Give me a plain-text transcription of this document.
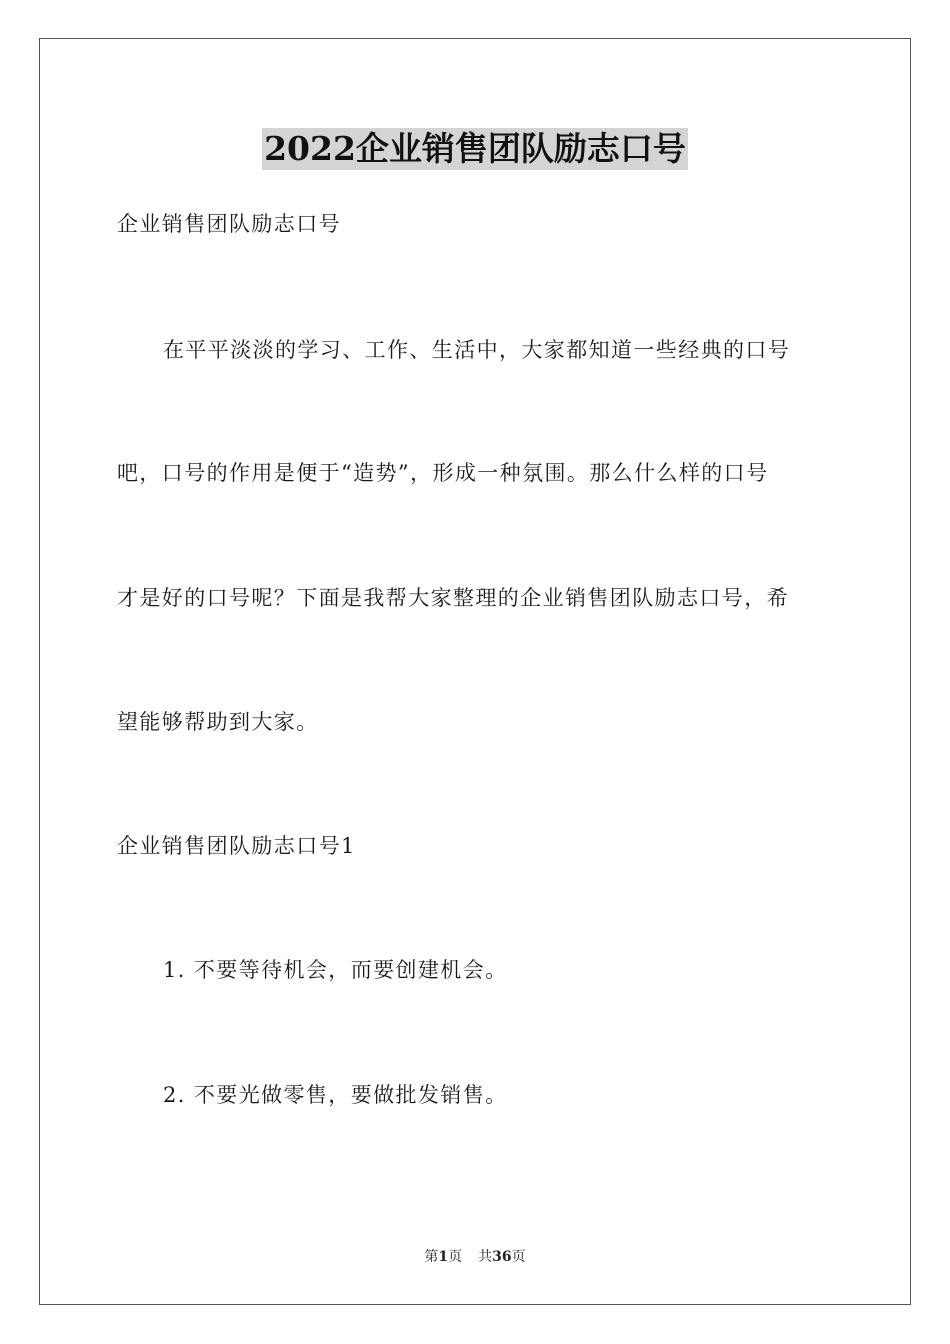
2022企业销售团队励志口号

企业销售团队励志口号

在平平淡淡的学习、工作、生活中，大家都知道一些经典的口号

吧，口号的作用是便于“造势”，形成一种氛围。那么什么样的口号

才是好的口号呢？下面是我帮大家整理的企业销售团队励志口号，希

望能够帮助到大家。

企业销售团队励志口号1

1. 不要等待机会，而要创建机会。

2. 不要光做零售，要做批发销售。

第1页 共36页
